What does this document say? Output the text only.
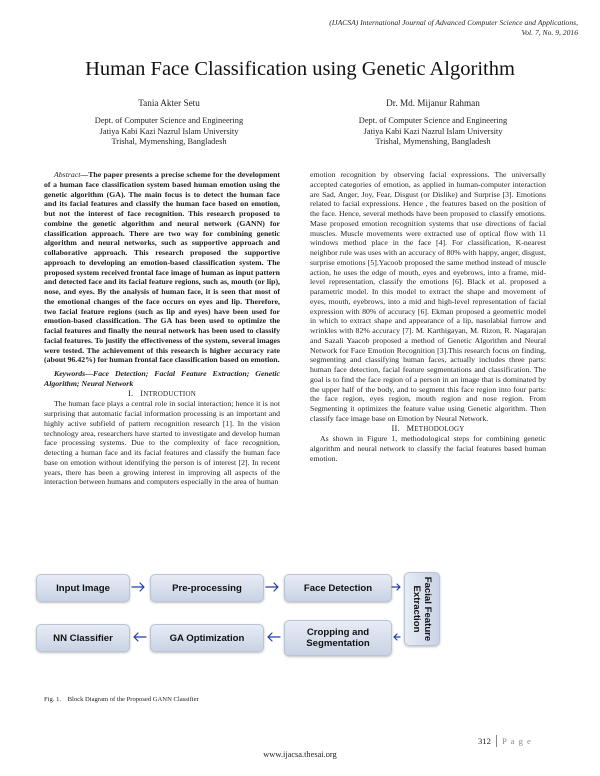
(IJACSA) International Journal of Advanced Computer Science and Applications,
Vol. 7, No. 9, 2016
Human Face Classification using Genetic Algorithm
Tania Akter Setu
Dept. of Computer Science and Engineering
Jatiya Kabi Kazi Nazrul Islam University
Trishal, Mymenshing, Bangladesh
Dr. Md. Mijanur Rahman
Dept. of Computer Science and Engineering
Jatiya Kabi Kazi Nazrul Islam University
Trishal, Mymenshing, Bangladesh

Abstract—The paper presents a precise scheme for the development of a human face classification system based human emotion using the genetic algorithm (GA). The main focus is to detect the human face and its facial features and classify the human face based on emotion, but not the interest of face recognition. This research proposed to combine the genetic algorithm and neural network (GANN) for classification approach. There are two way for combining genetic algorithm and neural networks, such as supportive approach and collaborative approach. This research proposed the supportive approach to developing an emotion-based classification system. The proposed system received frontal face image of human as input pattern and detected face and its facial feature regions, such as, mouth (or lip), nose, and eyes. By the analysis of human face, it is seen that most of the emotional changes of the face occurs on eyes and lip. Therefore, two facial feature regions (such as lip and eyes) have been used for emotion-based classification. The GA has been used to optimize the facial features and finally the neural network has been used to classify facial features. To justify the effectiveness of the system, several images were tested. The achievement of this research is higher accuracy rate (about 96.42%) for human frontal face classification based on emotion.

Keywords—Face Detection; Facial Feature Extraction; Genetic Algorithm; Neural Network

I. INTRODUCTION

The human face plays a central role in social interaction; hence it is not surprising that automatic facial information processing is an important and highly active subfield of pattern recognition research [1]. In the vision technology area, researchers have started to investigate and develop human face processing systems. Due to the complexity of face recognition, detecting a human face and its facial features and classify the human face base on emotion without identifying the person is of interest [2]. In recent years, there has been a growing interest in improving all aspects of the interaction between humans and computers especially in the area of human

emotion recognition by observing facial expressions. The universally accepted categories of emotion, as applied in human-computer interaction are Sad, Anger, Joy, Fear, Disgust (or Dislike) and Surprise [3]. Emotions related to facial expressions. Hence , the features based on the position of the face. Hence, several methods have been proposed to classify emotions. Mase proposed emotion recognition systems that use directions of facial muscles. Muscle movements were extracted use of optical flow with 11 windows method place in the face [4]. For classification, K-nearest neighbor rule was uses with an accuracy of 80% with happy, anger, disgust, surprise emotions [5].Yacoob proposed the same method instead of muscle action, he uses the edge of mouth, eyes and eyebrows, into a frame, mid-level representation, classify the emotions [6]. Black et al. proposed a parametric model. In this model to extract the shape and movement of eyes, mouth, eyebrows, into a mid and high-level representation of facial expression with 80% of accuracy [6]. Ekman proposed a geometric model in which to extract shape and appearance of a lip, nasolabial furrow and wrinkles with 82% accuracy [7]. M. Karthigayan, M. Rizon, R. Nagarajan and Sazali Yaacob proposed a method of Genetic Algorithm and Neural Network for Face Emotion Recognition [3].This research focus on finding, segmenting and classifying human faces, actually includes three parts: human face detection, facial feature segmentations and classification. The goal is to find the face region of a person in an image that is dominated by the upper half of the body, and to segment this face region into four parts: the face region, eyes region, mouth region and nose region. From Segmenting it optimizes the feature value using Genetic algorithm. Then classify face image base on Emotion by Neural Network.

II. METHODOLOGY

As shown in Figure 1, methodological steps for combining genetic algorithm and neural network to classify the facial features based human emotion.

Input Image	Pre-processing	Face Detection	Facial Feature Extraction
Cropping and Segmentation
GA Optimization
NN Classifier
Fig. 1.    Block Diagram of the Proposed GANN Classifier
312 P a g e
www.ijacsa.thesai.org
